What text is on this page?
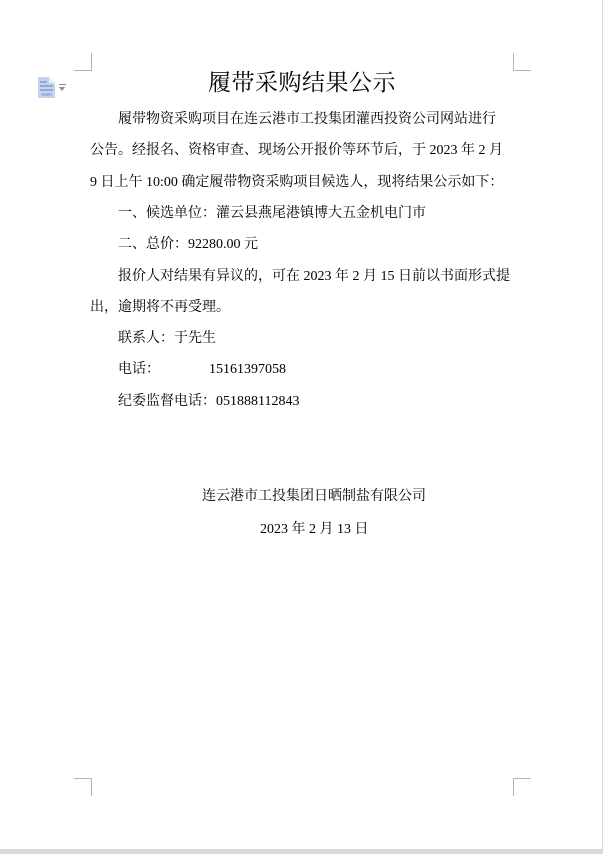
履带采购结果公示
履带物资采购项目在连云港市工投集团灌西投资公司网站进行
公告。经报名、资格审查、现场公开报价等环节后，于 2023 年 2 月
9 日上午 10:00 确定履带物资采购项目候选人，现将结果公示如下：
一、候选单位：灌云县燕尾港镇博大五金机电门市
二、总价：92280.00 元
报价人对结果有异议的，可在 2023 年 2 月 15 日前以书面形式提
出，逾期将不再受理。
联系人：于先生
电话：              15161397058
纪委监督电话：051888112843
连云港市工投集团日晒制盐有限公司
2023 年 2 月 13 日
